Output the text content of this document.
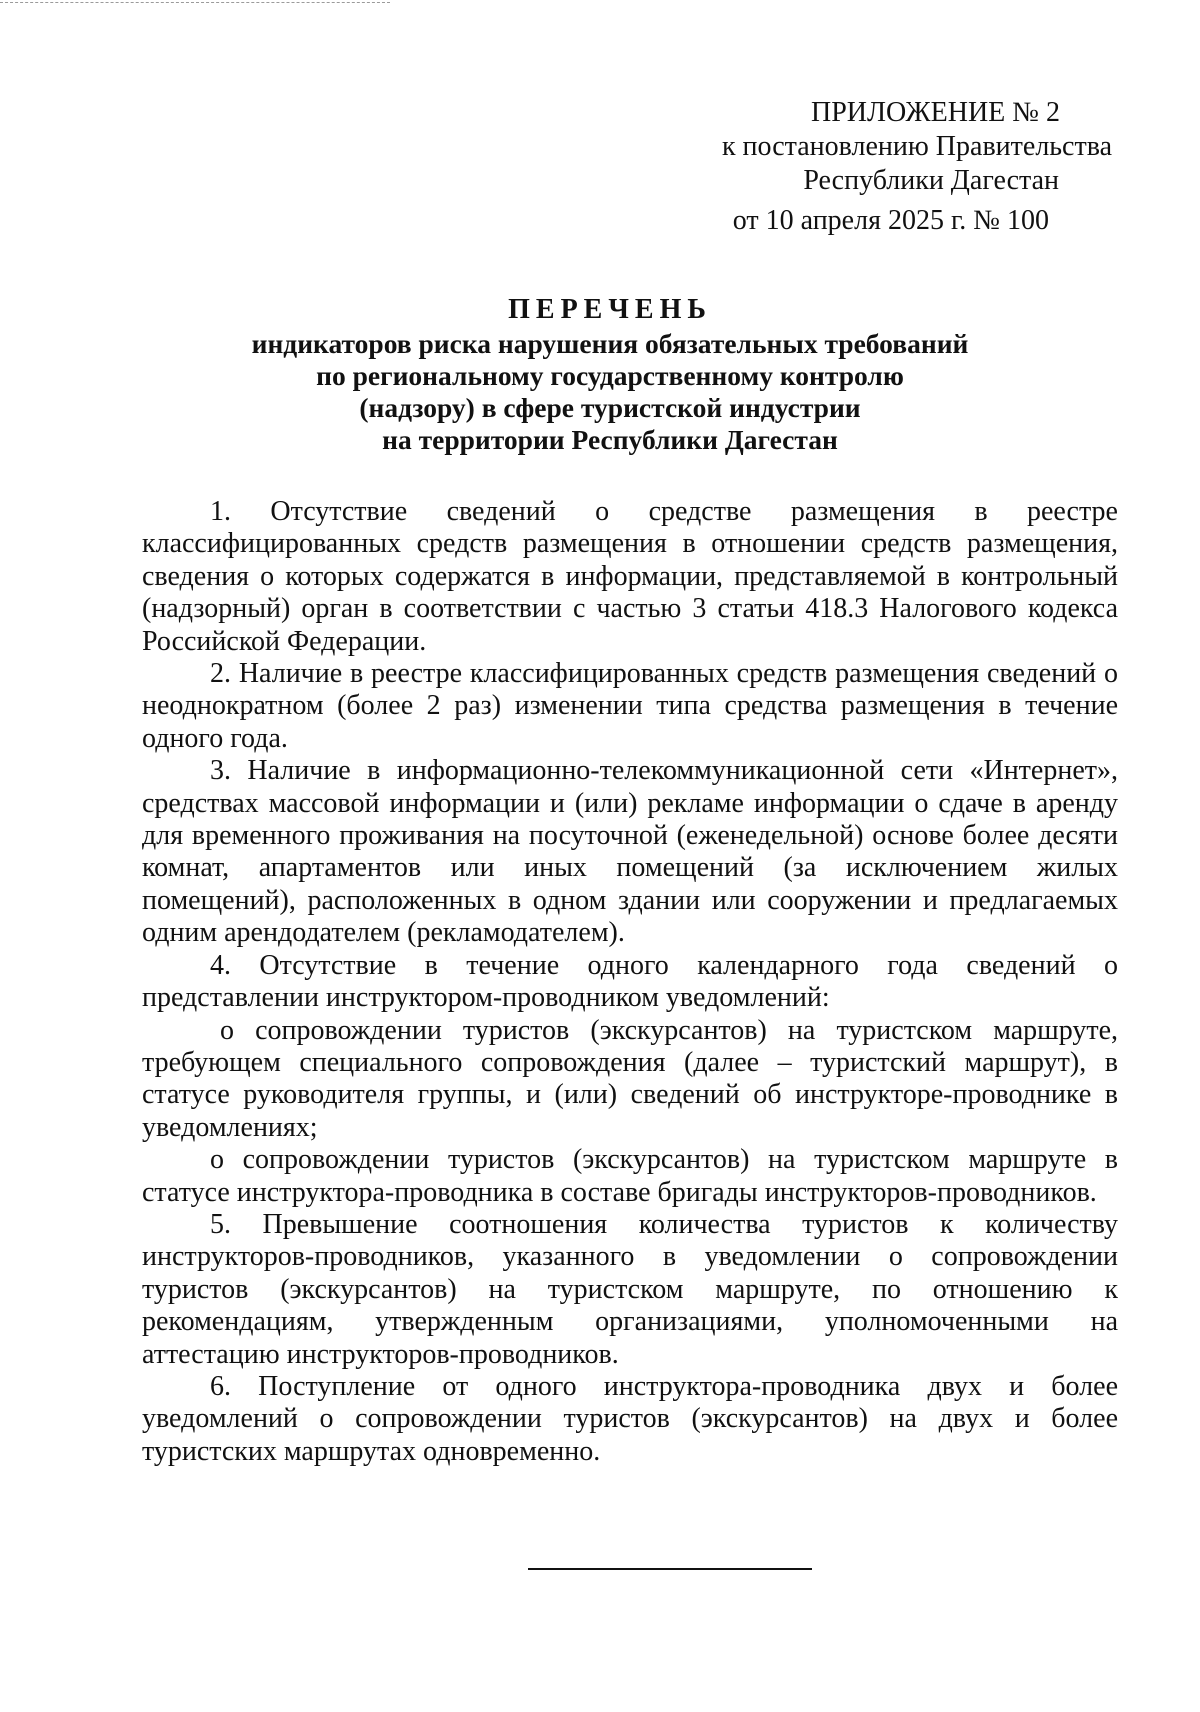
ПРИЛОЖЕНИЕ № 2
к постановлению Правительства
Республики Дагестан
от 10 апреля 2025 г. № 100
ПЕРЕЧЕНЬ
индикаторов риска нарушения обязательных требований
по региональному государственному контролю
(надзору) в сфере туристской индустрии
на территории Республики Дагестан

1. Отсутствие сведений о средстве размещения в реестре классифицированных средств размещения в отношении средств размещения, сведения о которых содержатся в информации, представляемой в контрольный (надзорный) орган в соответствии с частью 3 статьи 418.3 Налогового кодекса Российской Федерации.

2. Наличие в реестре классифицированных средств размещения сведений о неоднократном (более 2 раз) изменении типа средства размещения в течение одного года.

3. Наличие в информационно-телекоммуникационной сети «Интернет», средствах массовой информации и (или) рекламе информации о сдаче в аренду для временного проживания на посуточной (еженедельной) основе более десяти комнат, апартаментов или иных помещений (за исключением жилых помещений), расположенных в одном здании или сооружении и предлагаемых одним арендодателем (рекламодателем).

4. Отсутствие в течение одного календарного года сведений о представлении инструктором-проводником уведомлений:

о сопровождении туристов (экскурсантов) на туристском маршруте, требующем специального сопровождения (далее – туристский маршрут), в статусе руководителя группы, и (или) сведений об инструкторе-проводнике в уведомлениях;

о сопровождении туристов (экскурсантов) на туристском маршруте в статусе инструктора-проводника в составе бригады инструкторов-проводников.

5. Превышение соотношения количества туристов к количеству инструкторов-проводников, указанного в уведомлении о сопровождении туристов (экскурсантов) на туристском маршруте, по отношению к рекомендациям, утвержденным организациями, уполномоченными на аттестацию инструкторов-проводников.

6. Поступление от одного инструктора-проводника двух и более уведомлений о сопровождении туристов (экскурсантов) на двух и более туристских маршрутах одновременно.
